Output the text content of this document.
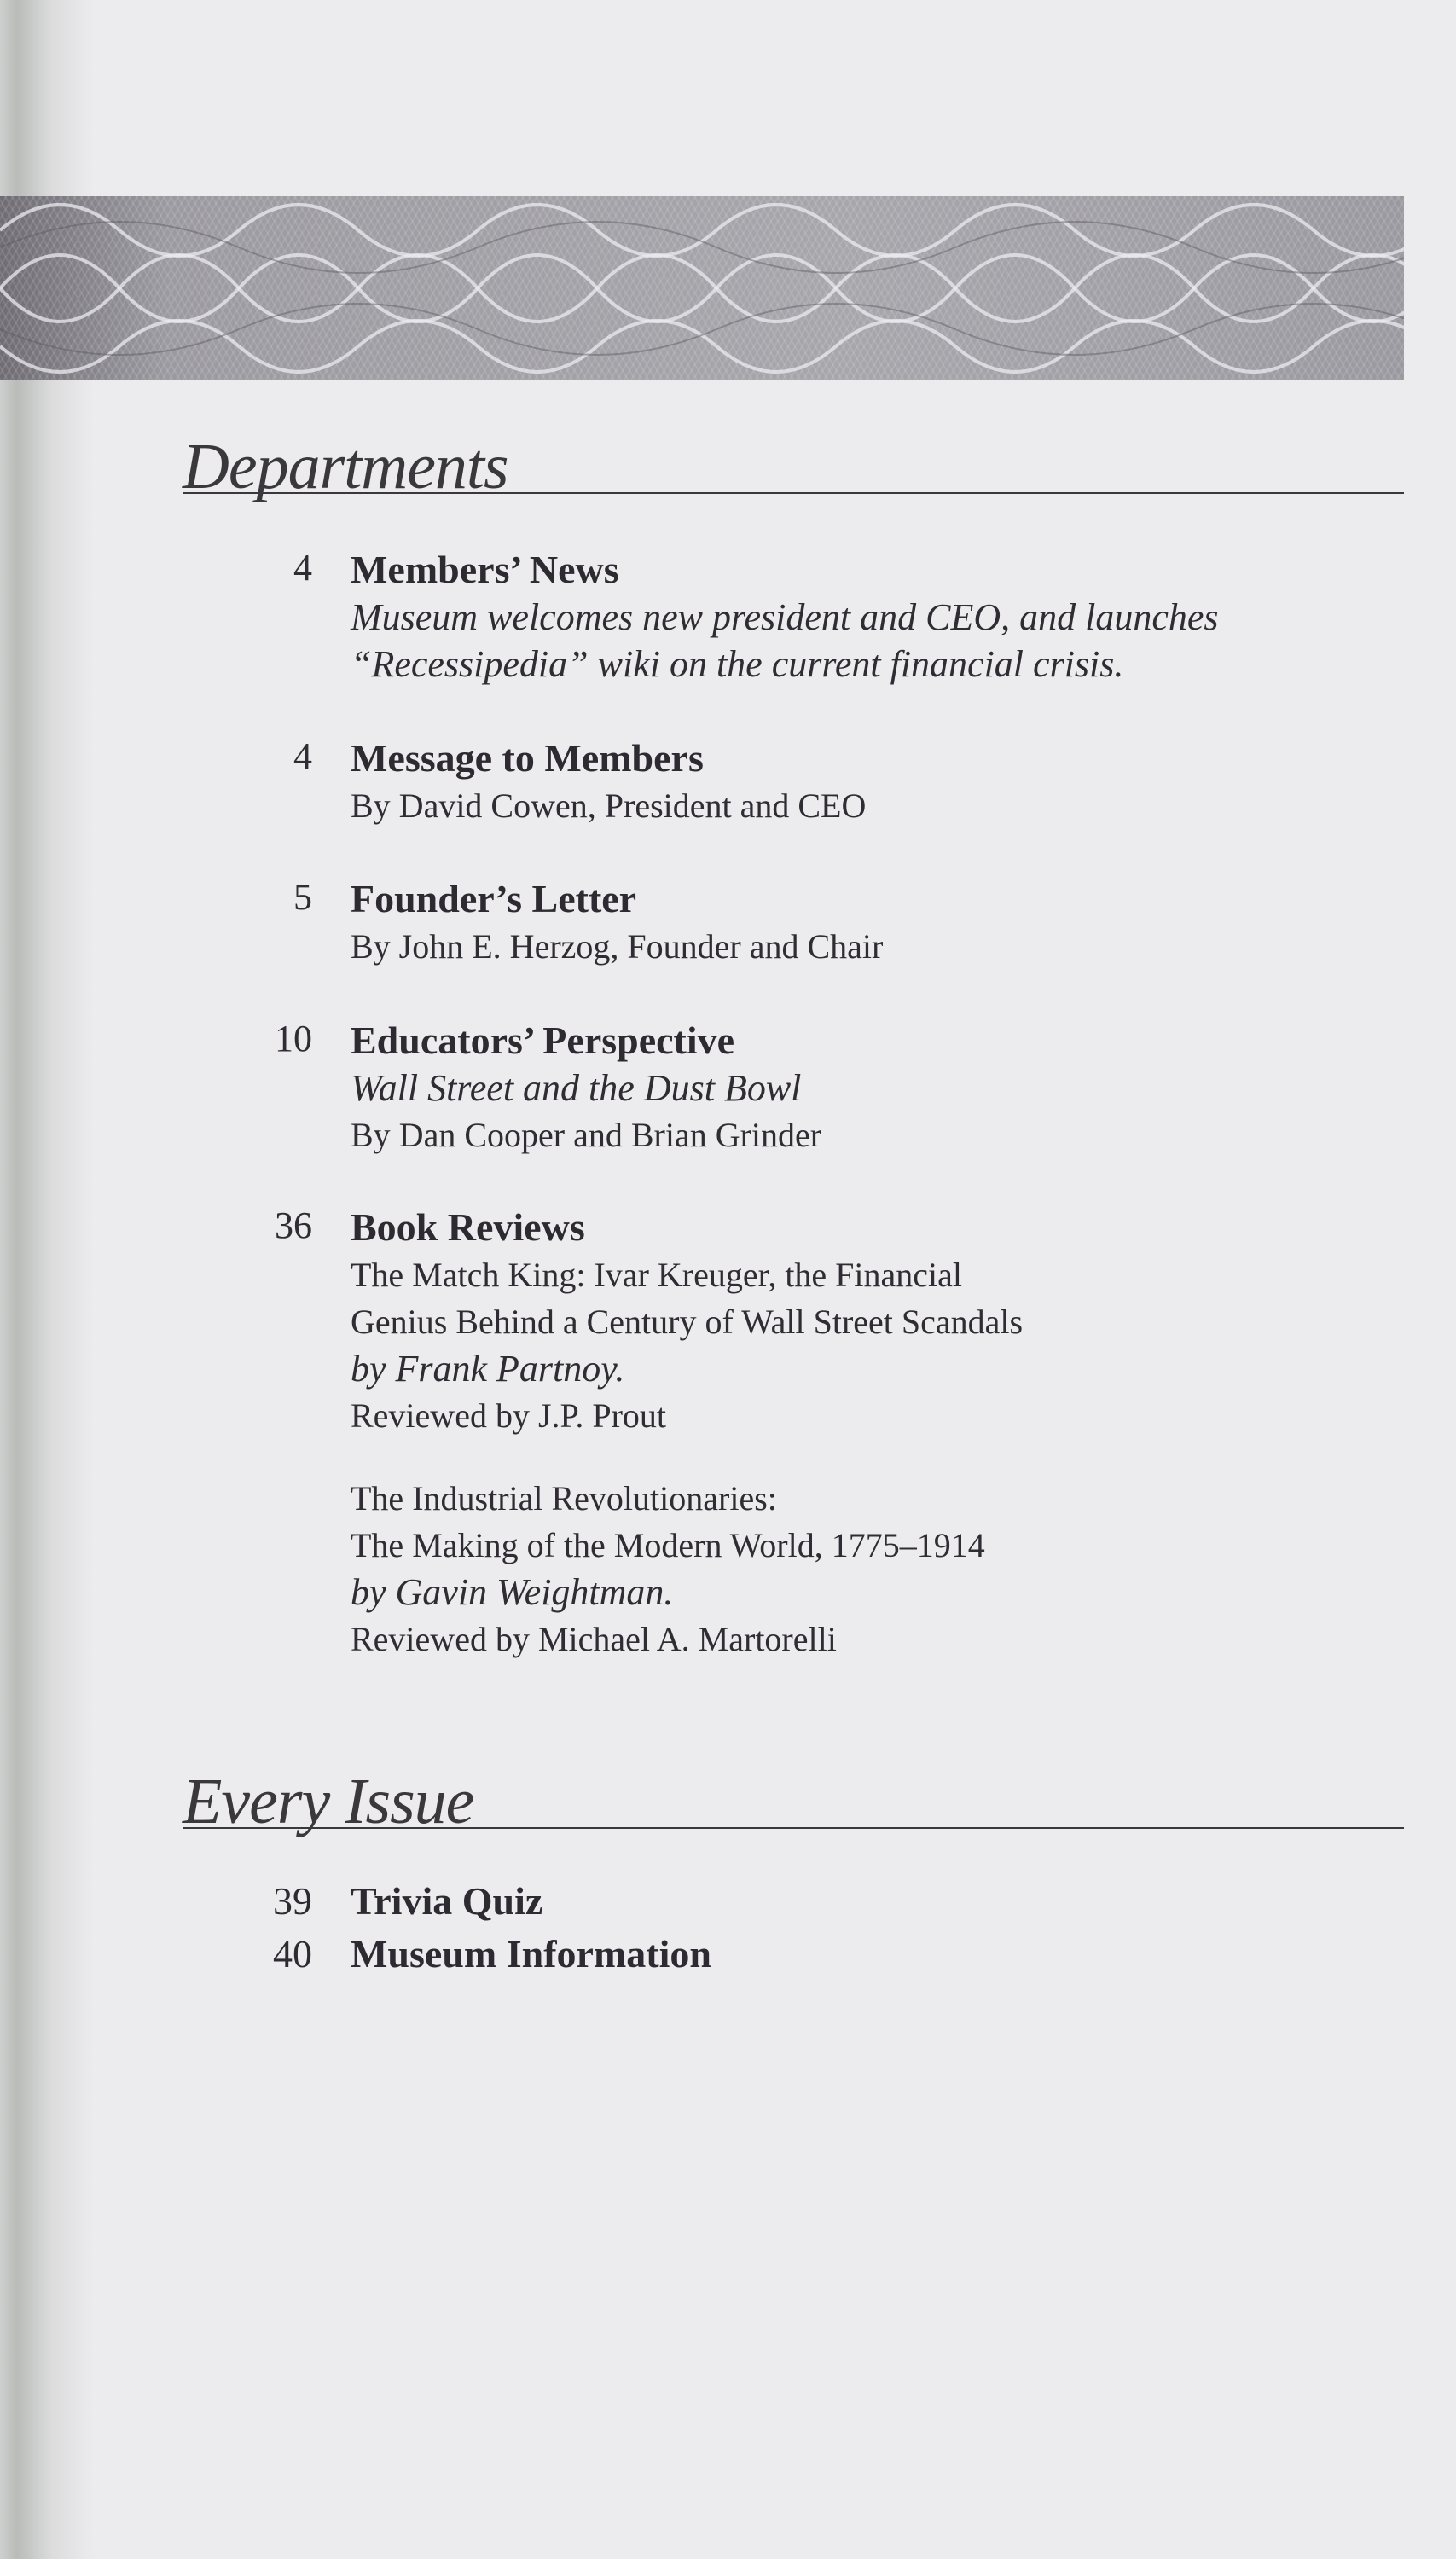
Departments
4 Members’ News
Museum welcomes new president and CEO, and launches
“Recessipedia” wiki on the current financial crisis.
4 Message to Members
By David Cowen, President and CEO
5 Founder’s Letter
By John E. Herzog, Founder and Chair
10 Educators’ Perspective
Wall Street and the Dust Bowl
By Dan Cooper and Brian Grinder
36 Book Reviews
The Match King: Ivar Kreuger, the Financial
Genius Behind a Century of Wall Street Scandals
by Frank Partnoy.
Reviewed by J.P. Prout
The Industrial Revolutionaries:
The Making of the Modern World, 1775–1914
by Gavin Weightman.
Reviewed by Michael A. Martorelli
Every Issue
39 Trivia Quiz
40 Museum Information
